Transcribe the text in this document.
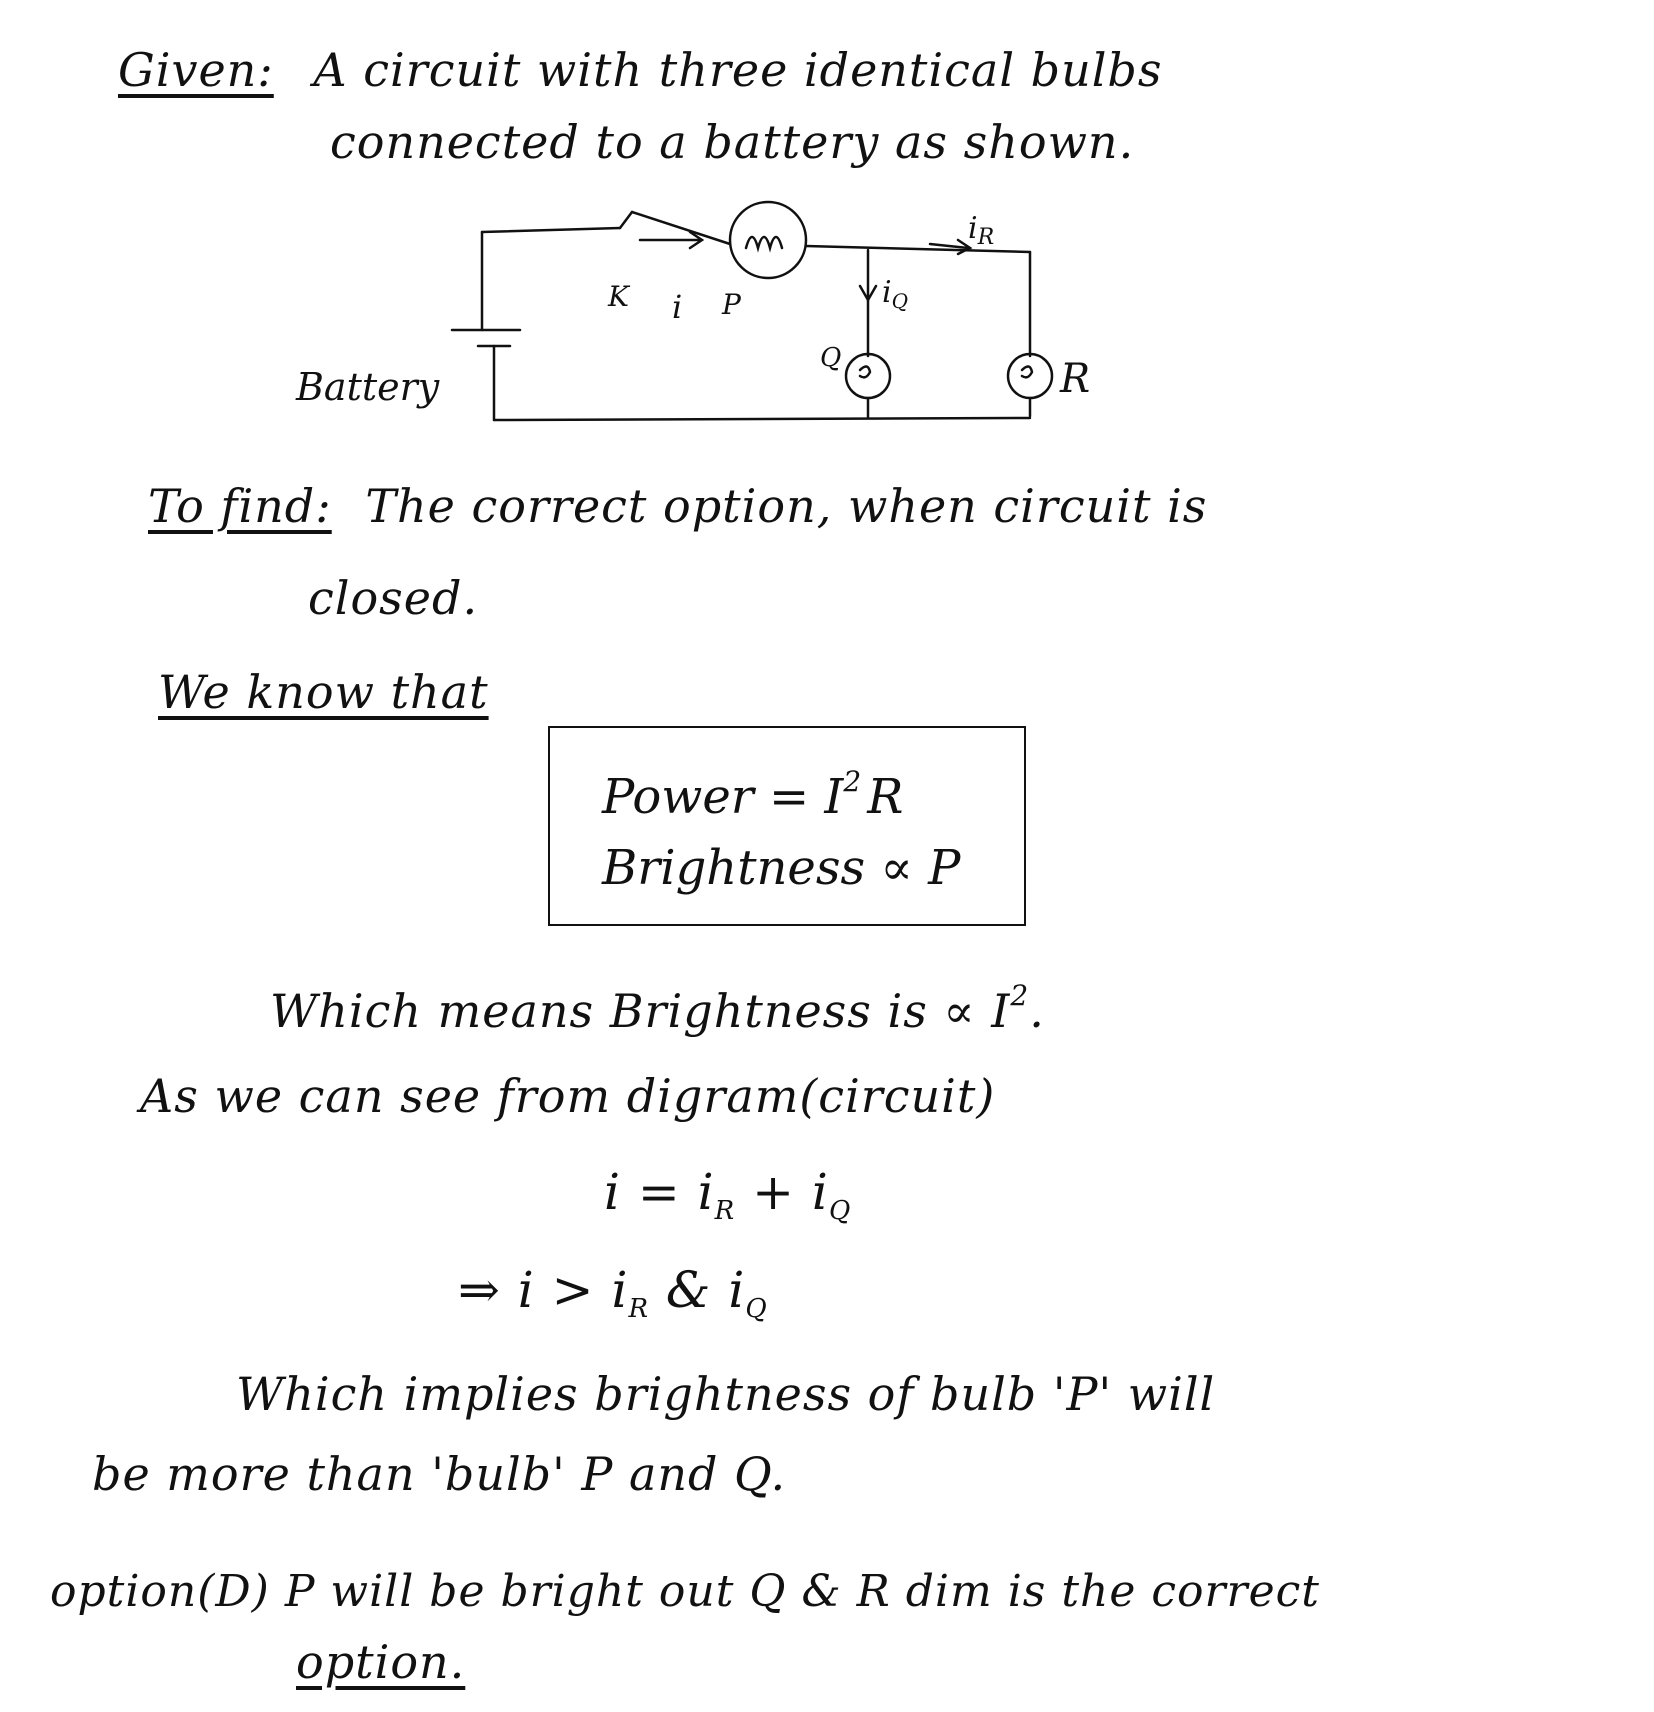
Given: A circuit with three identical bulbs
connected to a battery as shown.
K i P	$i_Q$
$i_R$
Q	R
Battery
To find: The correct option, when circuit is
closed.
We know that
Power = $I^2$ R
Brightness ∝ P
Which means Brightness is ∝ $I^2$.
As we can see from digram(circuit)
$i = i_R + i_Q$
⇒ $i > i_R$ & $i_Q$
Which implies brightness of bulb 'P' will
be more than 'bulb' P and Q.
option(D) P will be bright out Q & R dim is the correct
option.
